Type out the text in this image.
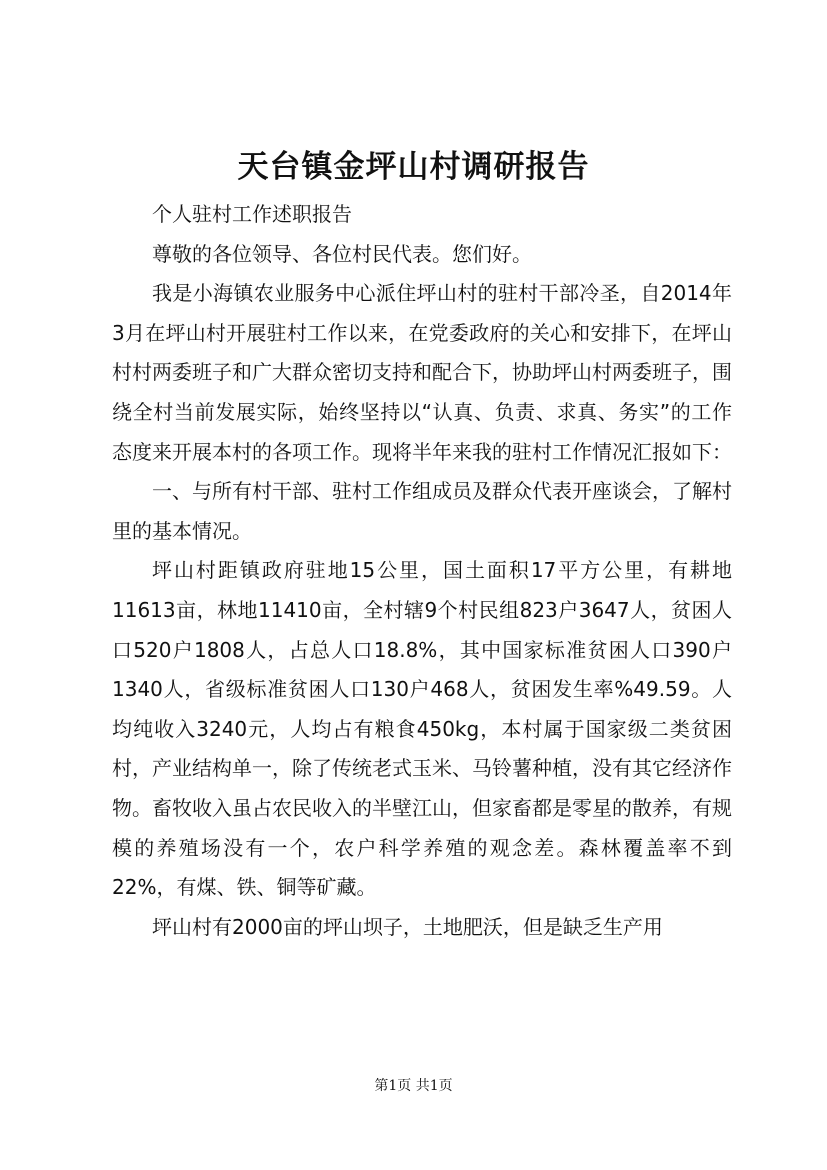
天台镇金坪山村调研报告

个人驻村工作述职报告

尊敬的各位领导、各位村民代表。您们好。

我是小海镇农业服务中心派住坪山村的驻村干部冷圣，自2014年3月在坪山村开展驻村工作以来，在党委政府的关心和安排下，在坪山村村两委班子和广大群众密切支持和配合下，协助坪山村两委班子，围绕全村当前发展实际，始终坚持以“认真、负责、求真、务实”的工作态度来开展本村的各项工作。现将半年来我的驻村工作情况汇报如下：

一、与所有村干部、驻村工作组成员及群众代表开座谈会，了解村里的基本情况。

坪山村距镇政府驻地15公里，国土面积17平方公里，有耕地11613亩，林地11410亩，全村辖9个村民组823户3647人，贫困人口520户1808人，占总人口18.8%，其中国家标准贫困人口390户1340人，省级标准贫困人口130户468人，贫困发生率%49.59。人均纯收入3240元，人均占有粮食450kg，本村属于国家级二类贫困村，产业结构单一，除了传统老式玉米、马铃薯种植，没有其它经济作物。畜牧收入虽占农民收入的半壁江山，但家畜都是零星的散养，有规模的养殖场没有一个，农户科学养殖的观念差。森林覆盖率不到22%，有煤、铁、铜等矿藏。

坪山村有2000亩的坪山坝子，土地肥沃，但是缺乏生产用

第1页 共1页
